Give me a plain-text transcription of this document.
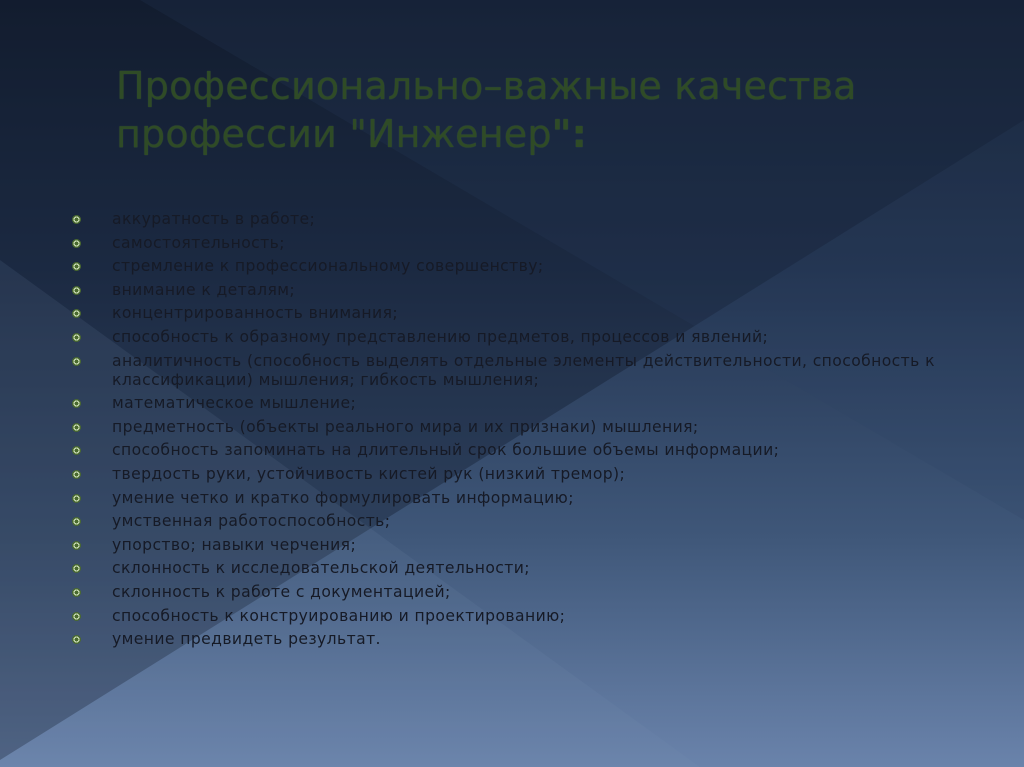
Профессионально–важные качества
профессии "Инженер":
аккуратность в работе;
самостоятельность;
стремление к профессиональному совершенству;
внимание к деталям;
концентрированность внимания;
способность к образному представлению предметов, процессов и явлений;
аналитичность (способность выделять отдельные элементы действительности, способность к классификации) мышления; гибкость мышления;
математическое мышление;
предметность (объекты реального мира и их признаки) мышления;
способность запоминать на длительный срок большие объемы информации;
твердость руки, устойчивость кистей рук (низкий тремор);
умение четко и кратко формулировать информацию;
умственная работоспособность;
упорство; навыки черчения;
склонность к исследовательской деятельности;
склонность к работе с документацией;
способность к конструированию и проектированию;
умение предвидеть результат.
